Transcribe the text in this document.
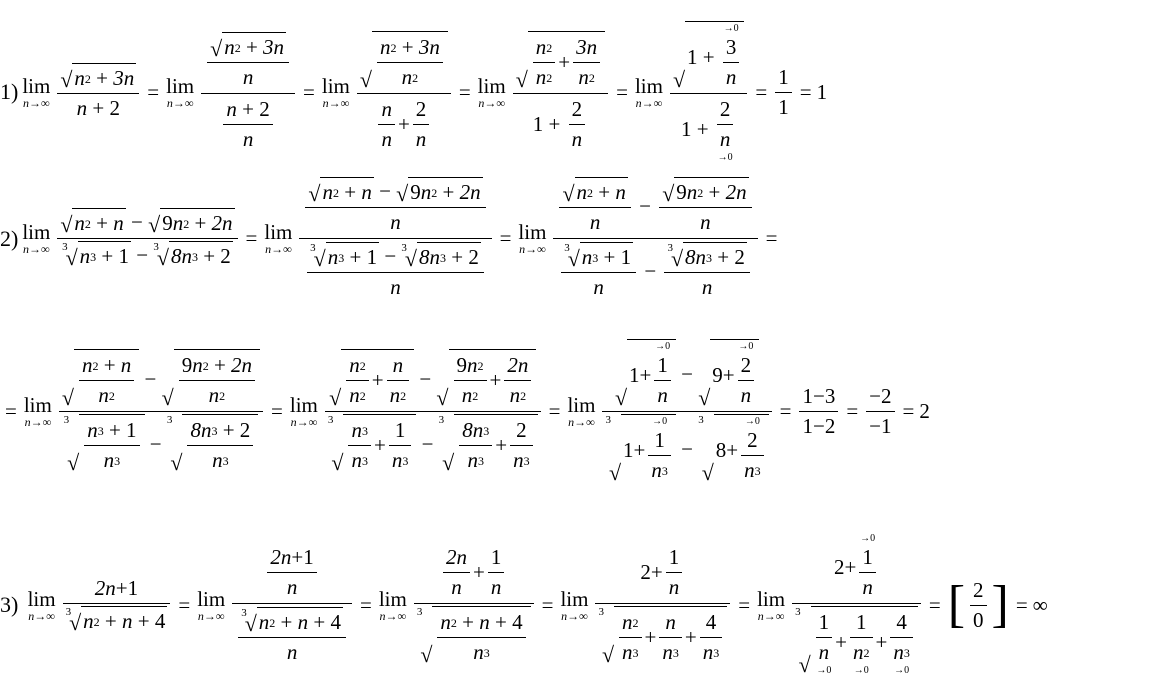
1) lim
$n\to\infty \frac{√ n 2 + 3n}{n + 2} = \lim$
$n\to\infty \frac{\frac{√ n 2 + 3n}{n}}{\frac{n + 2}{n}} = \lim$
$n\to\infty \frac{√ \frac{n 2 + 3n}{n 2}}{\frac{n}{n} + \frac{2}{n}} = \lim$
$n\to\infty \frac{√ \frac{n 2}{n 2} + \frac{3n}{n 2}}{1 + \frac{2}{n}} = \lim$
n→∞ √
1 +
→0
$\frac{3}{n}$
$1 + \frac{2}{n}$
$\to 0 = \frac{1}{1} = 1$
2) lim
n→∞ √ n 2 + n − √ 9 n 2 + 2n
3
√ n 3 + 1 − 3
√ 8n 3 + 2 = lim
$n\to\infty \frac{√ n 2 + n - √ 9 n 2 + 2n}{n}$
3
√ n 3 + 1 − 3
√ 8n 3 + 2
n = lim
$n\to\infty \frac{√ n 2 + n}{n} - \frac{√ 9 n 2 + 2n}{n}$
3
√ n 3 + 1
n − 3
√ 8n 3 + 2
n =
= lim
n→∞ √ $\frac{n 2 + n}{n 2}$ −
√ $\frac{9 n 2 + 2n}{n 2}$
3
√ $\frac{n 3 + 1}{n 3}$ −
3
√ $\frac{8n 3 + 2}{n 3} = \lim$
n→∞ √ $\frac{n 2}{n 2} + \frac{n}{n 2}$ −
√ $\frac{9 n 2}{n 2} + \frac{2n}{n 2}$
3
√ $\frac{n 3}{n 3} + \frac{1}{n 3}$ −
3
√ $\frac{8n 3}{n 3} + \frac{2}{n 3} = \lim$
n→∞ √
1 +
→0
$\frac{1}{n}$ −
√
9 +
→0
$\frac{2}{n}$
3
√
1 +
→0
$\frac{1}{n 3}$ −
3
√
8+
→0
$\frac{2}{n 3} = \frac{1 -3}{1 -2} = \frac{-2}{-1} = 2$
3)
lim
n→∞ 2n + 1
3
√ n 2 + n + 4 = lim
$n\to\infty \frac{2n + 1}{n}$
3
√ n 2 + n + 4
n = lim
$n\to\infty \frac{2n}{n} + \frac{1}{n}$
3
√ $\frac{n 2 + n + 4}{n 3} = \lim$
n→∞ $2 + \frac{1}{n}$
3
√ $\frac{n 2}{n 3} + \frac{n}{n 3} + \frac{4}{n 3} = \lim$
n→∞ 2 +
→0
$\frac{1}{n}$
3
√ $\frac{1}{n}$
→0
+ $\frac{1}{n 2}$
→0
+ $\frac{4}{n 3}$
→0 = [ $\frac{2}{0}$ ] = ∞
